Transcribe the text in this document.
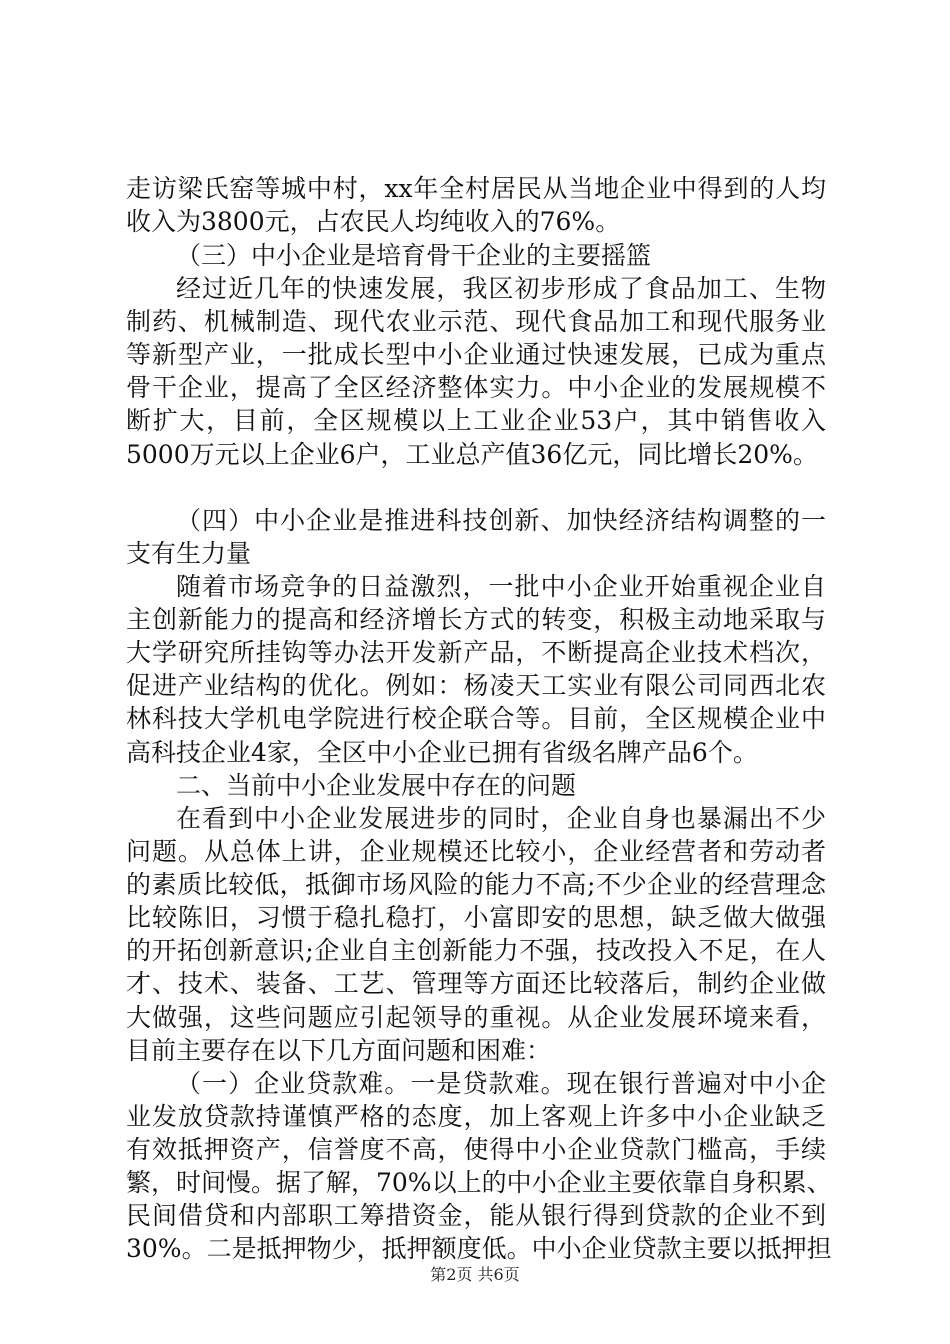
走访梁氏窑等城中村，xx年全村居民从当地企业中得到的人均
收入为3800元，占农民人均纯收入的76%。
（三）中小企业是培育骨干企业的主要摇篮
经过近几年的快速发展，我区初步形成了食品加工、生物
制药、机械制造、现代农业示范、现代食品加工和现代服务业
等新型产业，一批成长型中小企业通过快速发展，已成为重点
骨干企业，提高了全区经济整体实力。中小企业的发展规模不
断扩大，目前，全区规模以上工业企业53户，其中销售收入
5000万元以上企业6户，工业总产值36亿元，同比增长20%。
（四）中小企业是推进科技创新、加快经济结构调整的一
支有生力量
随着市场竞争的日益激烈，一批中小企业开始重视企业自
主创新能力的提高和经济增长方式的转变，积极主动地采取与
大学研究所挂钩等办法开发新产品，不断提高企业技术档次，
促进产业结构的优化。例如：杨凌天工实业有限公司同西北农
林科技大学机电学院进行校企联合等。目前，全区规模企业中
高科技企业4家，全区中小企业已拥有省级名牌产品6个。
二、当前中小企业发展中存在的问题
在看到中小企业发展进步的同时，企业自身也暴漏出不少
问题。从总体上讲，企业规模还比较小，企业经营者和劳动者
的素质比较低，抵御市场风险的能力不高;不少企业的经营理念
比较陈旧，习惯于稳扎稳打，小富即安的思想，缺乏做大做强
的开拓创新意识;企业自主创新能力不强，技改投入不足，在人
才、技术、装备、工艺、管理等方面还比较落后，制约企业做
大做强，这些问题应引起领导的重视。从企业发展环境来看，
目前主要存在以下几方面问题和困难：
（一）企业贷款难。一是贷款难。现在银行普遍对中小企
业发放贷款持谨慎严格的态度，加上客观上许多中小企业缺乏
有效抵押资产，信誉度不高，使得中小企业贷款门槛高，手续
繁，时间慢。据了解，70%以上的中小企业主要依靠自身积累、
民间借贷和内部职工筹措资金，能从银行得到贷款的企业不到
30%。二是抵押物少，抵押额度低。中小企业贷款主要以抵押担
第2页 共6页
